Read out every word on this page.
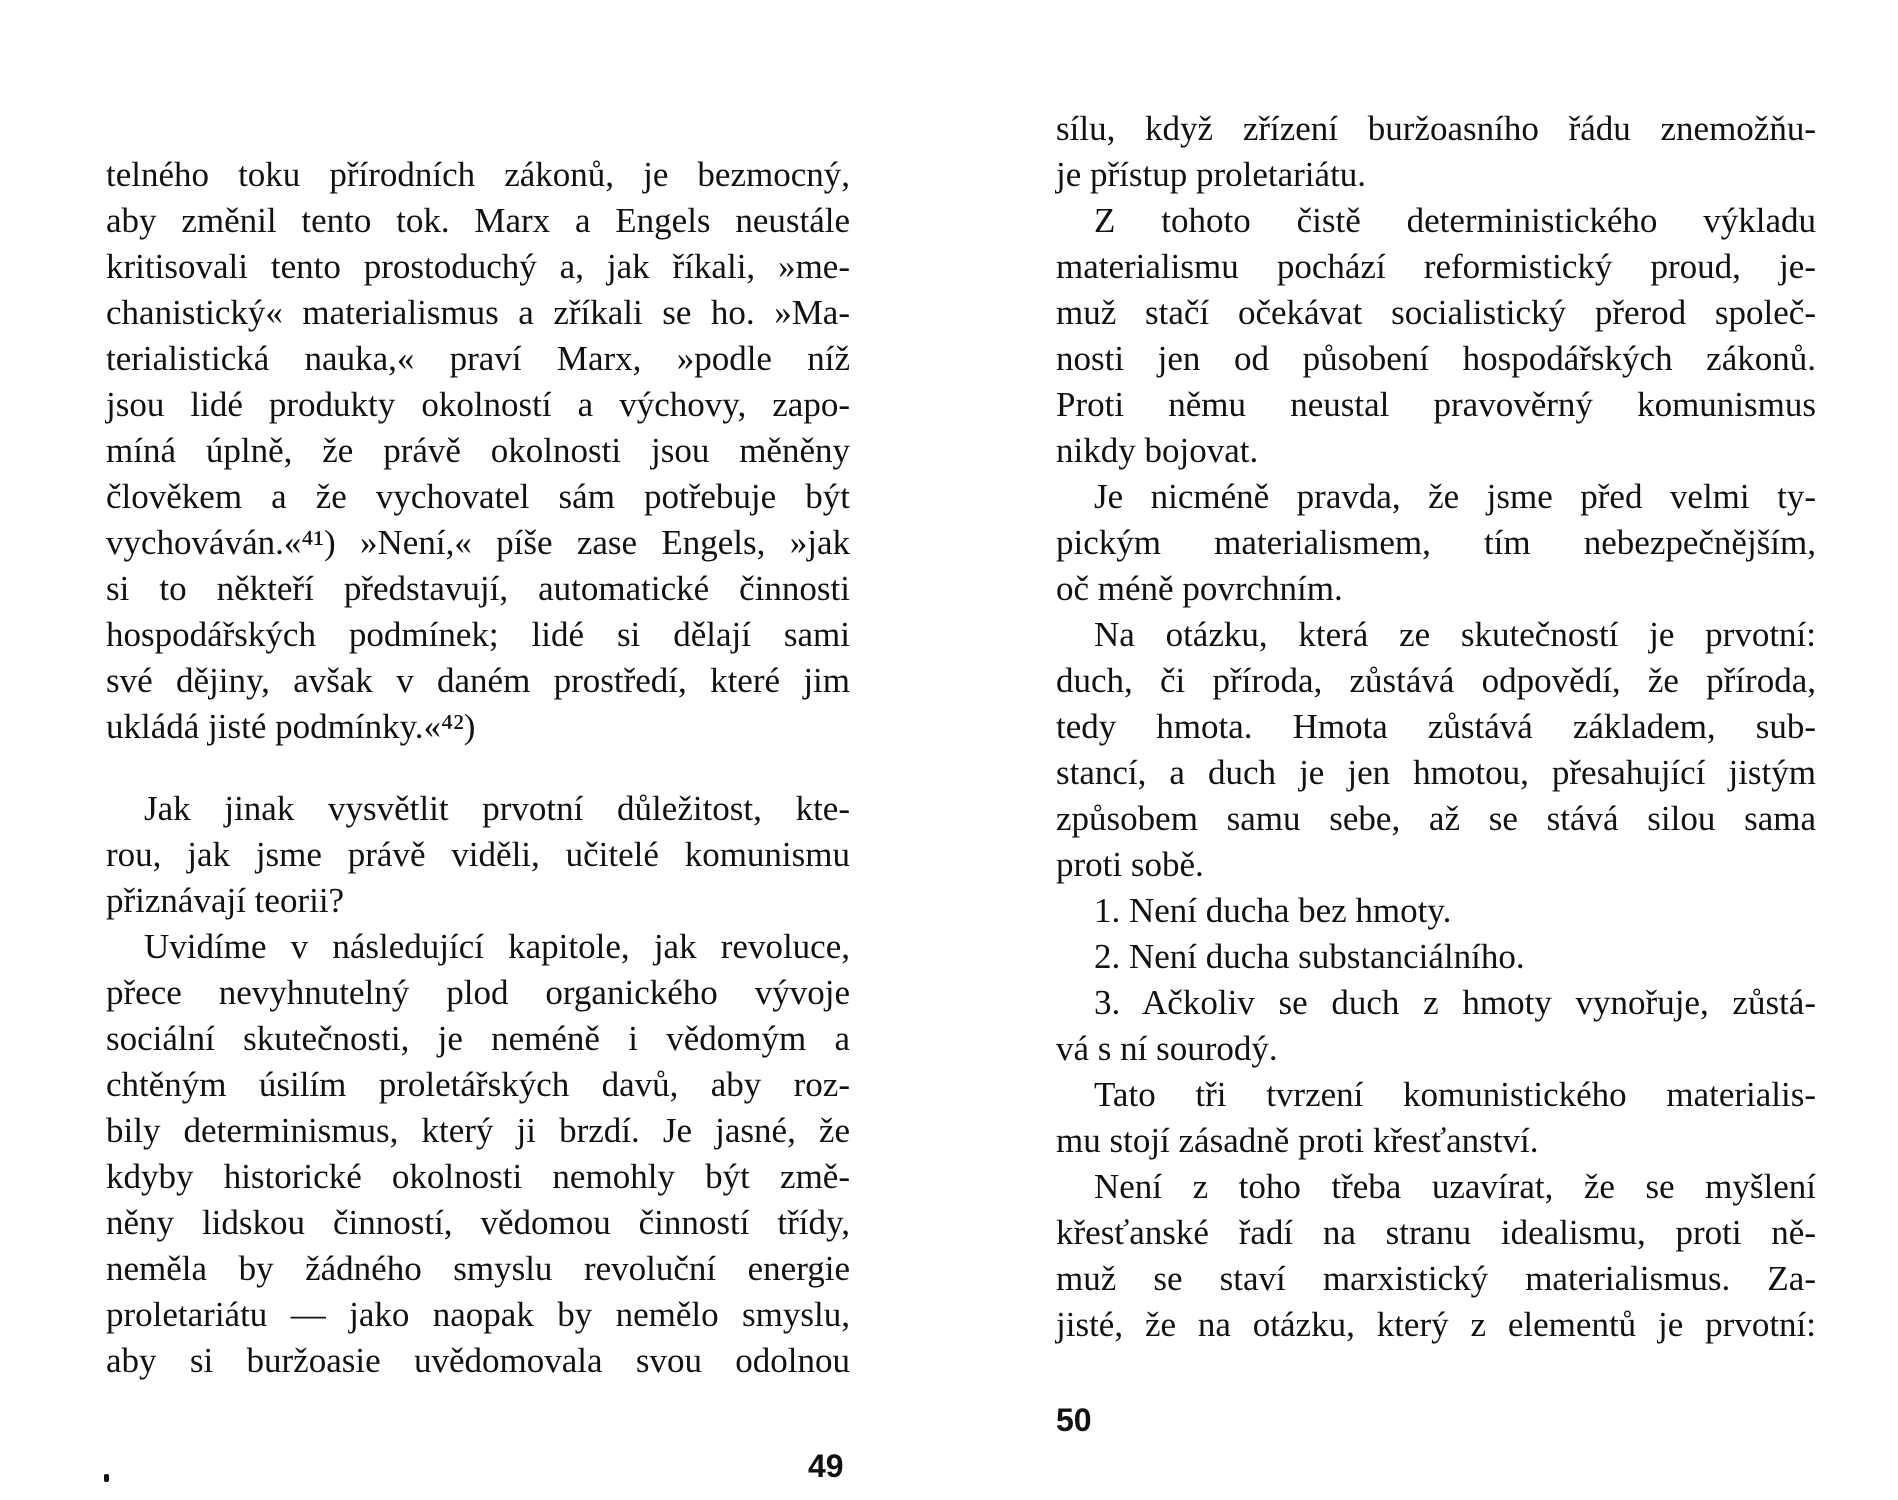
telného toku přírodních zákonů, je bezmocný,
aby změnil tento tok. Marx a Engels neustále
kritisovali tento prostoduchý a, jak říkali, »me-
chanistický« materialismus a zříkali se ho. »Ma-
terialistická nauka,« praví Marx, »podle níž
jsou lidé produkty okolností a výchovy, zapo-
míná úplně, že právě okolnosti jsou měněny
člověkem a že vychovatel sám potřebuje být
vychováván.«⁴¹) »Není,« píše zase Engels, »jak
si to někteří představují, automatické činnosti
hospodářských podmínek; lidé si dělají sami
své dějiny, avšak v daném prostředí, které jim
ukládá jisté podmínky.«⁴²)
Jak jinak vysvětlit prvotní důležitost, kte-
rou, jak jsme právě viděli, učitelé komunismu
přiznávají teorii?
Uvidíme v následující kapitole, jak revoluce,
přece nevyhnutelný plod organického vývoje
sociální skutečnosti, je neméně i vědomým a
chtěným úsilím proletářských davů, aby roz-
bily determinismus, který ji brzdí. Je jasné, že
kdyby historické okolnosti nemohly být změ-
něny lidskou činností, vědomou činností třídy,
neměla by žádného smyslu revoluční energie
proletariátu — jako naopak by nemělo smyslu,
aby si buržoasie uvědomovala svou odolnou
49
sílu, když zřízení buržoasního řádu znemožňu-
je přístup proletariátu.
Z tohoto čistě deterministického výkladu
materialismu pochází reformistický proud, je-
muž stačí očekávat socialistický přerod společ-
nosti jen od působení hospodářských zákonů.
Proti němu neustal pravověrný komunismus
nikdy bojovat.
Je nicméně pravda, že jsme před velmi ty-
pickým materialismem, tím nebezpečnějším,
oč méně povrchním.
Na otázku, která ze skutečností je prvotní:
duch, či příroda, zůstává odpovědí, že příroda,
tedy hmota. Hmota zůstává základem, sub-
stancí, a duch je jen hmotou, přesahující jistým
způsobem samu sebe, až se stává silou sama
proti sobě.
1. Není ducha bez hmoty.
2. Není ducha substanciálního.
3. Ačkoliv se duch z hmoty vynořuje, zůstá-
vá s ní sourodý.
Tato tři tvrzení komunistického materialis-
mu stojí zásadně proti křesťanství.
Není z toho třeba uzavírat, že se myšlení
křesťanské řadí na stranu idealismu, proti ně-
muž se staví marxistický materialismus. Za-
jisté, že na otázku, který z elementů je prvotní:
50
